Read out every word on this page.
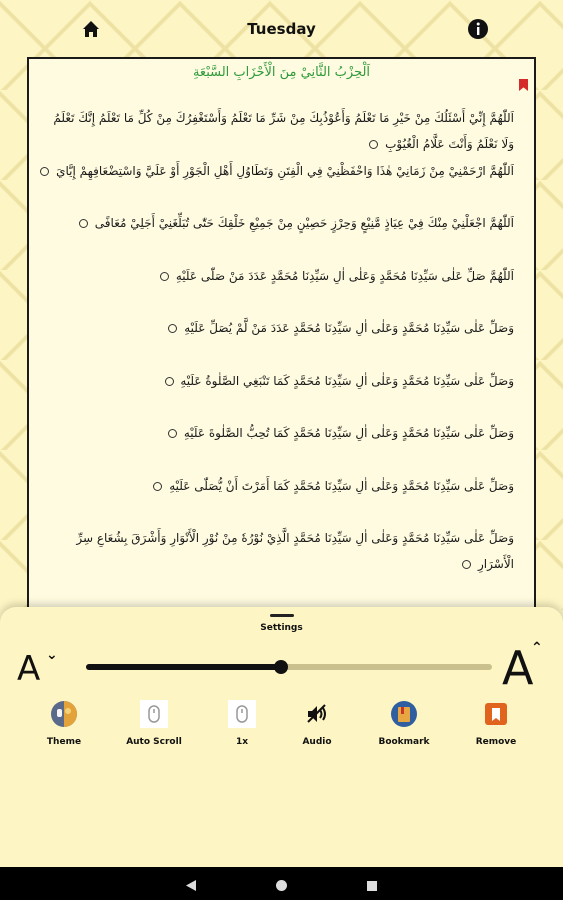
Tuesday
اَلْحِزْبُ الثَّانِيْ مِنَ الْأَحْزَابِ السَّبْعَةِ
اَللّٰهُمَّ إِنِّيْ أَسْئَلُكَ مِنْ خَيْرِ مَا تَعْلَمُ وَأَعُوْذُبِكَ مِنْ شَرِّ مَا تَعْلَمُ وَأَسْتَغْفِرُكَ مِنْ كُلِّ مَا تَعْلَمُ إِنَّكَ تَعْلَمُ وَلَا نَعْلَمُ وَأَنْتَ عَلَّامُ الْغُيُوْبِ
اَللّٰهُمَّ ارْحَمْنِيْ مِنْ زَمَانِيْ هٰذَا وَاحْفَظْنِيْ فِي الْفِتَنِ وَتَطَاوُلِ أَهْلِ الْجَوْرِ أَوْ عَلَيَّ وَاسْتِضْعَافِهِمْ إِيَّايَ
اَللّٰهُمَّ اجْعَلْنِيْ مِنْكَ فِيْ عِيَاذٍ مَّنِيْعٍ وَحِرْزٍ حَصِيْنٍ مِنْ جَمِيْعِ خَلْقِكَ حَتّٰى تُبَلِّغَنِيْ أَجَلِيْ مُعَافًى
اَللّٰهُمَّ صَلِّ عَلٰى سَيِّدِنَا مُحَمَّدٍ وَعَلٰى اٰلِ سَيِّدِنَا مُحَمَّدٍ عَدَدَ مَنْ صَلّٰى عَلَيْهِ
وَصَلِّ عَلٰى سَيِّدِنَا مُحَمَّدٍ وَعَلٰى اٰلِ سَيِّدِنَا مُحَمَّدٍ عَدَدَ مَنْ لَّمْ يُصَلِّ عَلَيْهِ
وَصَلِّ عَلٰى سَيِّدِنَا مُحَمَّدٍ وَعَلٰى اٰلِ سَيِّدِنَا مُحَمَّدٍ كَمَا تَنْبَغِي الصَّلٰوةُ عَلَيْهِ
وَصَلِّ عَلٰى سَيِّدِنَا مُحَمَّدٍ وَعَلٰى اٰلِ سَيِّدِنَا مُحَمَّدٍ كَمَا تُحِبُّ الصَّلٰوةَ عَلَيْهِ
وَصَلِّ عَلٰى سَيِّدِنَا مُحَمَّدٍ وَعَلٰى اٰلِ سَيِّدِنَا مُحَمَّدٍ كَمَا أَمَرْتَ أَنْ يُّصَلّٰى عَلَيْهِ
وَصَلِّ عَلٰى سَيِّدِنَا مُحَمَّدٍ وَعَلٰى اٰلِ سَيِّدِنَا مُحَمَّدٍ الَّذِيْ نُوْرُهٗ مِنْ نُوْرِ الْأَنْوَارِ وَأَشْرَقَ بِشُعَاعِ سِرِّ الْأَسْرَارِ
Settings
A ⌄	A
⌃
Theme	Auto Scroll	1x	Audio	Bookmark	Remove
